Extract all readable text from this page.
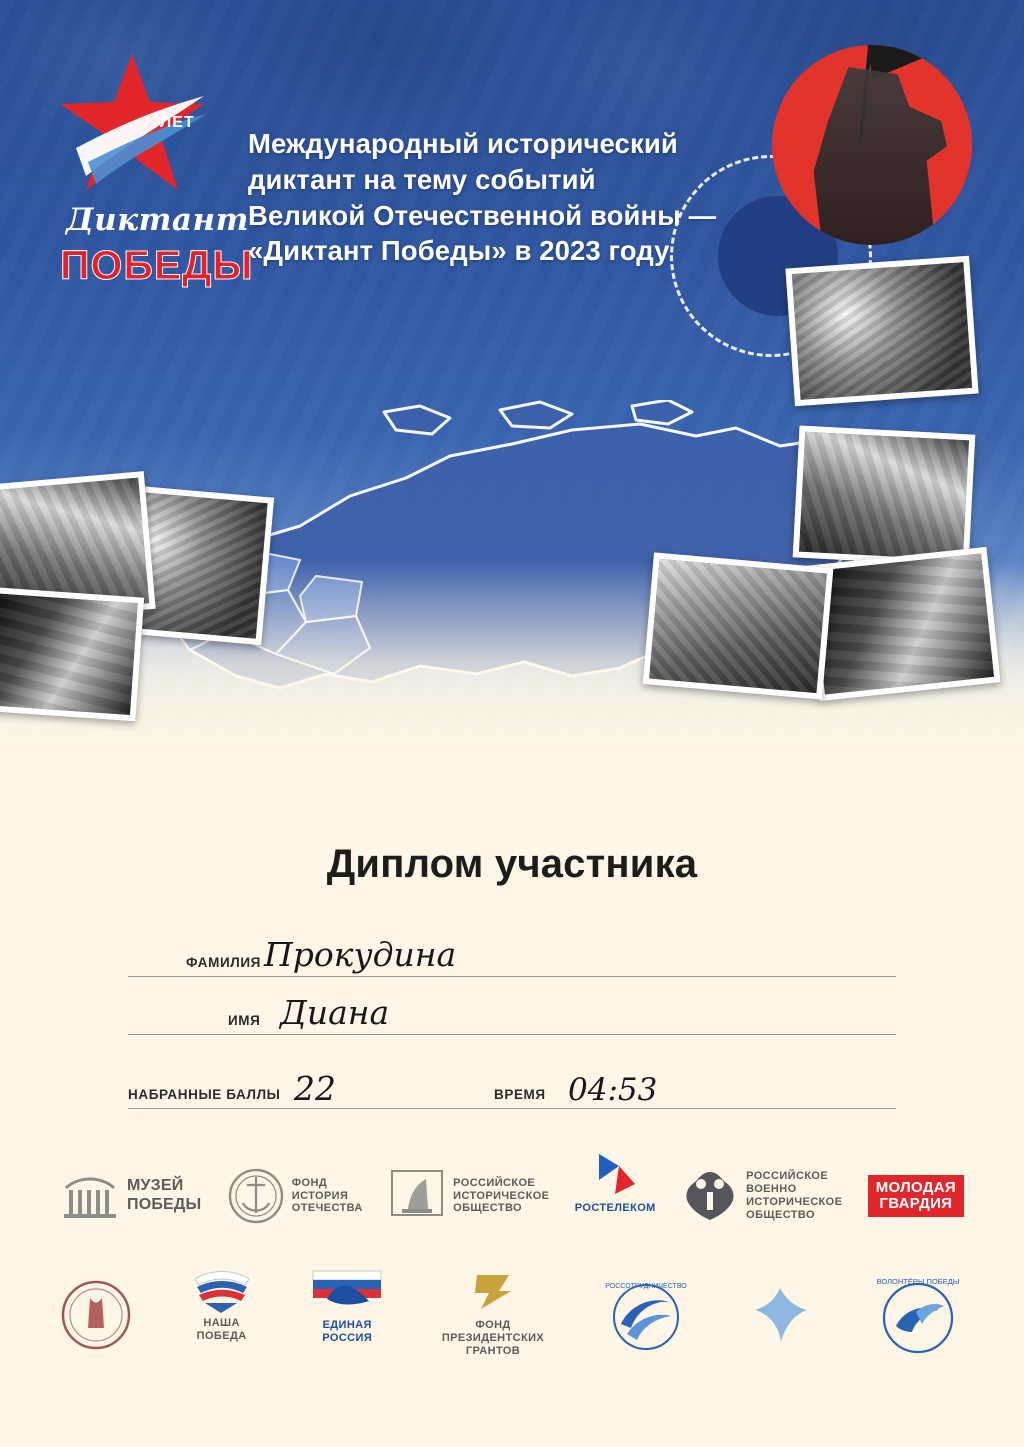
ЛЕТ
Диктант
ПОБЕДЫ
Международный исторический диктант на тему событий Великой Отечественной войны — «Диктант Победы» в 2023 году
Диплом участника
ФАМИЛИЯ Прокудина
ИМЯ Диана
НАБРАННЫЕ БАЛЛЫ 22	ВРЕМЯ 04:53
МУЗЕЙ
ПОБЕДЫ
ФОНД
ИСТОРИЯ
ОТЕЧЕСТВА
РОССИЙСКОЕ
ИСТОРИЧЕСКОЕ
ОБЩЕСТВО	РОСТЕЛЕКОМ
РОССИЙСКОЕ
ВОЕННО
ИСТОРИЧЕСКОЕ
ОБЩЕСТВО
МОЛОДАЯ
ГВАРДИЯ
НАША
ПОБЕДА
ЕДИНАЯ
РОССИЯ
ФОНД
ПРЕЗИДЕНТСКИХ
ГРАНТОВ
РОССОТРУДНИЧЕСТВО
ВОЛОНТЁРЫ ПОБЕДЫ
